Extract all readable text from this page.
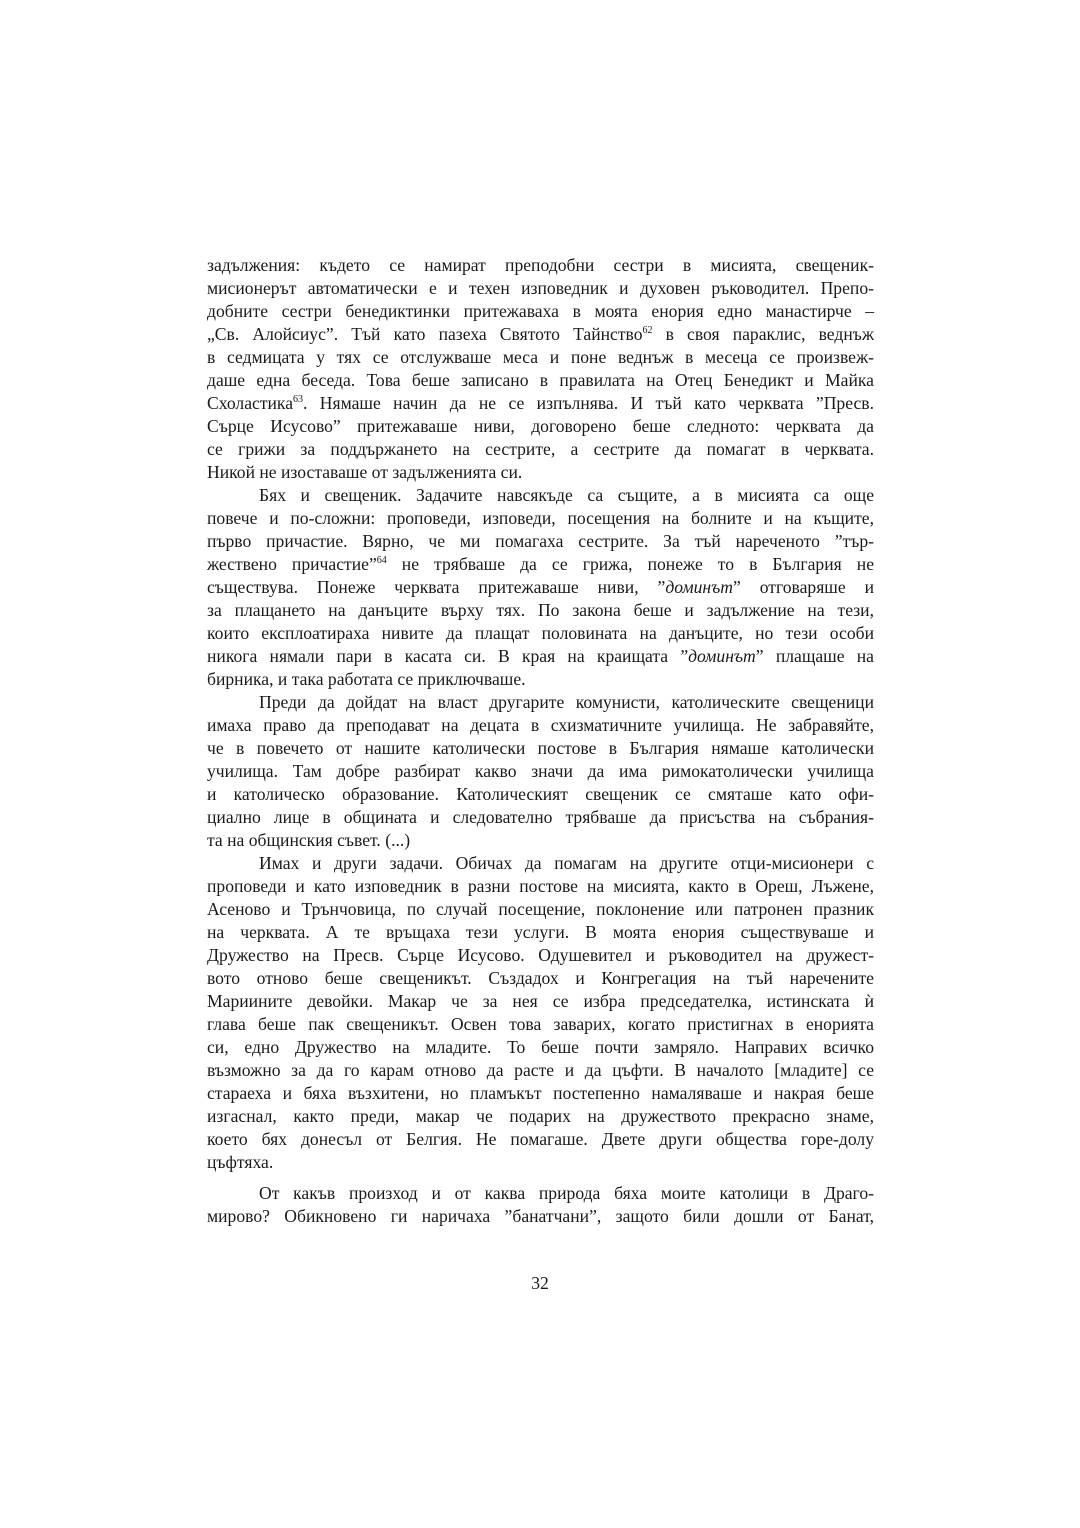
задължения: където се намират преподобни сестри в мисията, свещеник-
мисионерът автоматически е и техен изповедник и духовен ръководител. Препо-
добните сестри бенедиктинки притежаваха в моята енория едно манастирче –
„Св. Алойсиус”. Тъй като пазеха Святото Тайнство$^{62}$ в своя параклис, веднъж
в седмицата у тях се отслужваше меса и поне веднъж в месеца се произвеж-
даше една беседа. Това беше записано в правилата на Отец Бенедикт и Майка
Схоластика$^{63}$. Нямаше начин да не се изпълнява. И тъй като черквата ”Пресв.
Сърце Исусово” притежаваше ниви, договорено беше следното: черквата да
се грижи за поддържането на сестрите, а сестрите да помагат в черквата.
Никой не изоставаше от задълженията си.
Бях и свещеник. Задачите навсякъде са същите, а в мисията са още
повече и по-сложни: проповеди, изповеди, посещения на болните и на къщите,
първо причастие. Вярно, че ми помагаха сестрите. За тъй нареченото ”тър-
жествено причастие”$^{64}$ не трябваше да се грижа, понеже то в България не
съществува. Понеже черквата притежаваше ниви, ”доминът” отговаряше и
за плащането на данъците върху тях. По закона беше и задължение на тези,
които експлоатираха нивите да плащат половината на данъците, но тези особи
никога нямали пари в касата си. В края на краищата ”доминът” плащаше на
бирника, и така работата се приключваше.
Преди да дойдат на власт другарите комунисти, католическите свещеници
имаха право да преподават на децата в схизматичните училища. Не забравяйте,
че в повечето от нашите католически постове в България нямаше католически
училища. Там добре разбират какво значи да има римокатолически училища
и католическо образование. Католическият свещеник се смяташе като офи-
циално лице в общината и следователно трябваше да присъства на събрания-
та на общинския съвет. (...)
Имах и други задачи. Обичах да помагам на другите отци-мисионери с
проповеди и като изповедник в разни постове на мисията, както в Ореш, Лъжене,
Асеново и Трънчовица, по случай посещение, поклонение или патронен празник
на черквата. А те връщаха тези услуги. В моята енория съществуваше и
Дружество на Пресв. Сърце Исусово. Одушевител и ръководител на дружест-
вото отново беше свещеникът. Създадох и Конгрегация на тъй наречените
Мариините девойки. Макар че за нея се избра председателка, истинската ѝ
глава беше пак свещеникът. Освен това заварих, когато пристигнах в енорията
си, едно Дружество на младите. То беше почти замряло. Направих всичко
възможно за да го карам отново да расте и да цъфти. В началото [младите] се
стараеха и бяха възхитени, но пламъкът постепенно намаляваше и накрая беше
изгаснал, както преди, макар че подарих на дружеството прекрасно знаме,
което бях донесъл от Белгия. Не помагаше. Двете други общества горе-долу
цъфтяха.
От какъв произход и от каква природа бяха моите католици в Драго-
мирово? Обикновено ги наричаха ”банатчани”, защото били дошли от Банат,
32
